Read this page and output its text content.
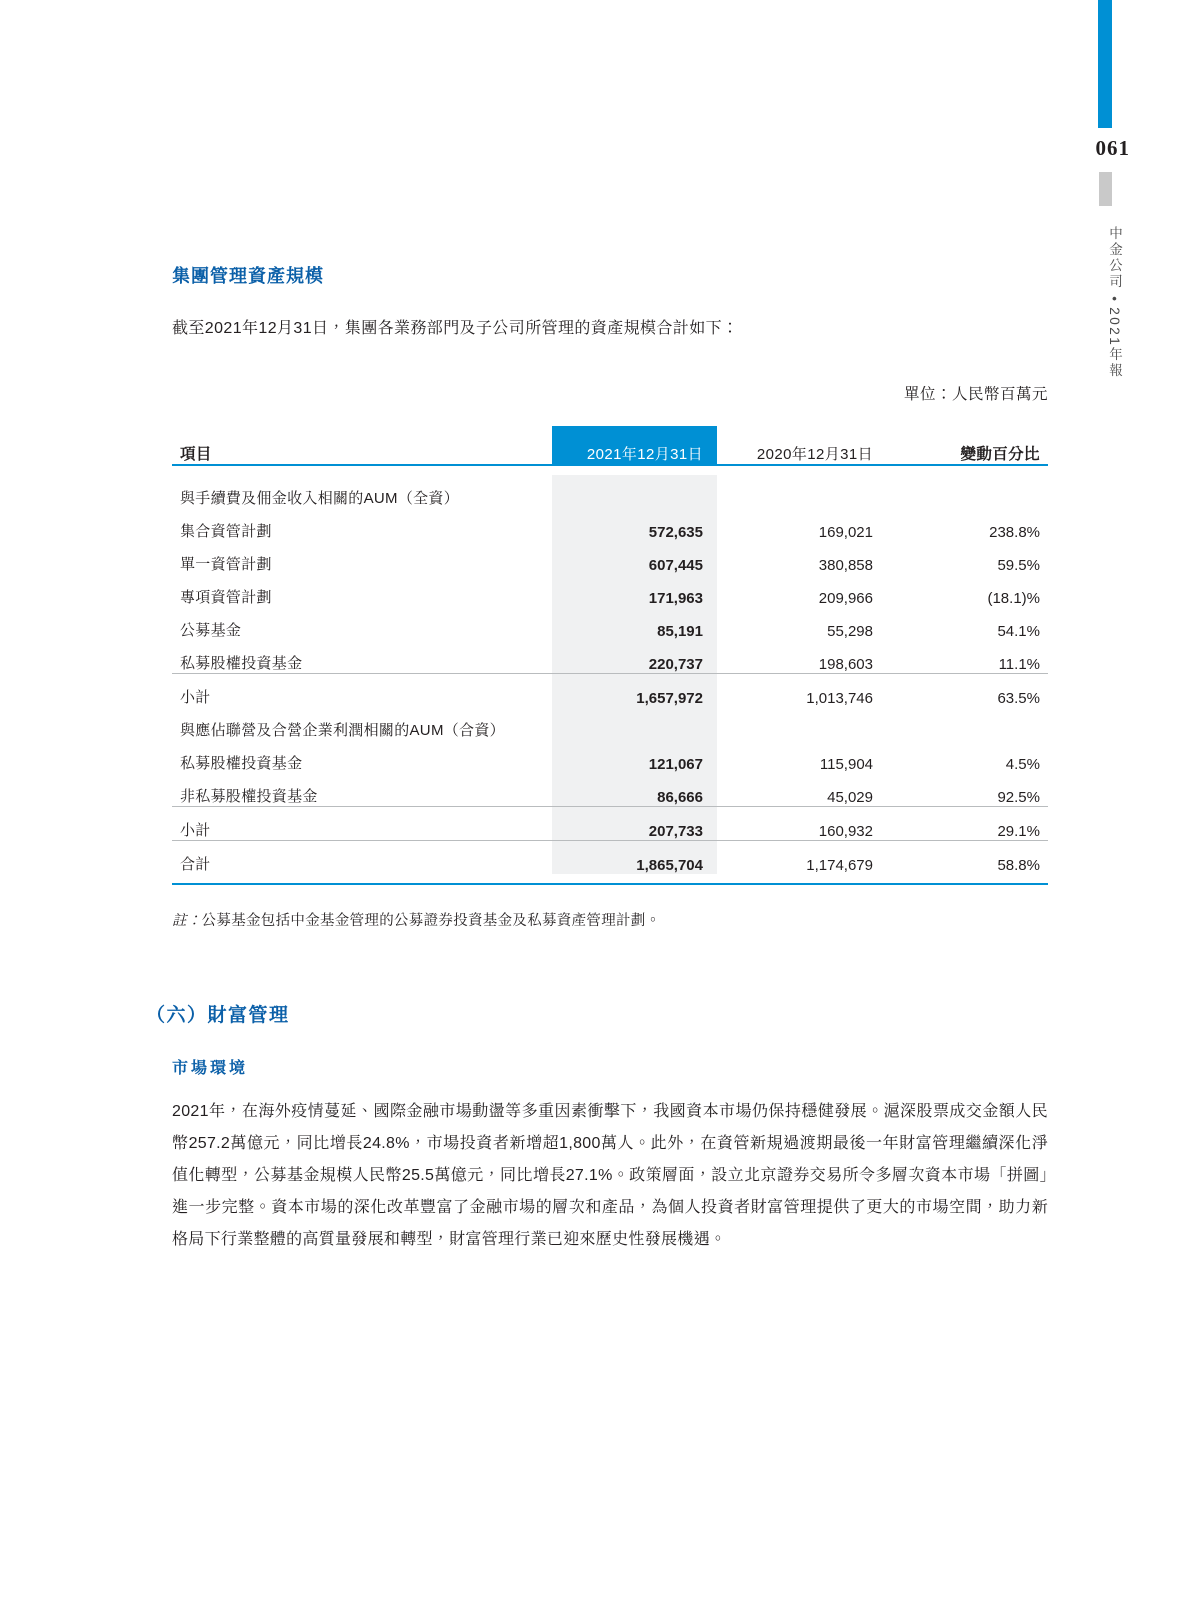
061
中金公司 • 2021年報
集團管理資產規模

截至2021年12月31日，集團各業務部門及子公司所管理的資產規模合計如下：

單位：人民幣百萬元
項目	2021年12月31日	2020年12月31日	變動百分比

與手續費及佣金收入相關的AUM（全資）			
集合資管計劃	572,635	169,021	238.8%
單一資管計劃	607,445	380,858	59.5%
專項資管計劃	171,963	209,966	(18.1)%
公募基金	85,191	55,298	54.1%
私募股權投資基金	220,737	198,603	11.1%

小計	1,657,972	1,013,746	63.5%
與應佔聯營及合營企業利潤相關的AUM（合資）			
私募股權投資基金	121,067	115,904	4.5%
非私募股權投資基金	86,666	45,029	92.5%

小計	207,733	160,932	29.1%

合計	1,865,704	1,174,679	58.8%

註：公募基金包括中金基金管理的公募證券投資基金及私募資產管理計劃。
（六）財富管理
市場環境

2021年，在海外疫情蔓延、國際金融市場動盪等多重因素衝擊下，我國資本市場仍保持穩健發展。滬深股票成交金額人民幣257.2萬億元，同比增長24.8%，市場投資者新增超1,800萬人。此外，在資管新規過渡期最後一年財富管理繼續深化淨值化轉型，公募基金規模人民幣25.5萬億元，同比增長27.1%。政策層面，設立北京證券交易所令多層次資本市場「拼圖」進一步完整。資本市場的深化改革豐富了金融市場的層次和產品，為個人投資者財富管理提供了更大的市場空間，助力新格局下行業整體的高質量發展和轉型，財富管理行業已迎來歷史性發展機遇。
